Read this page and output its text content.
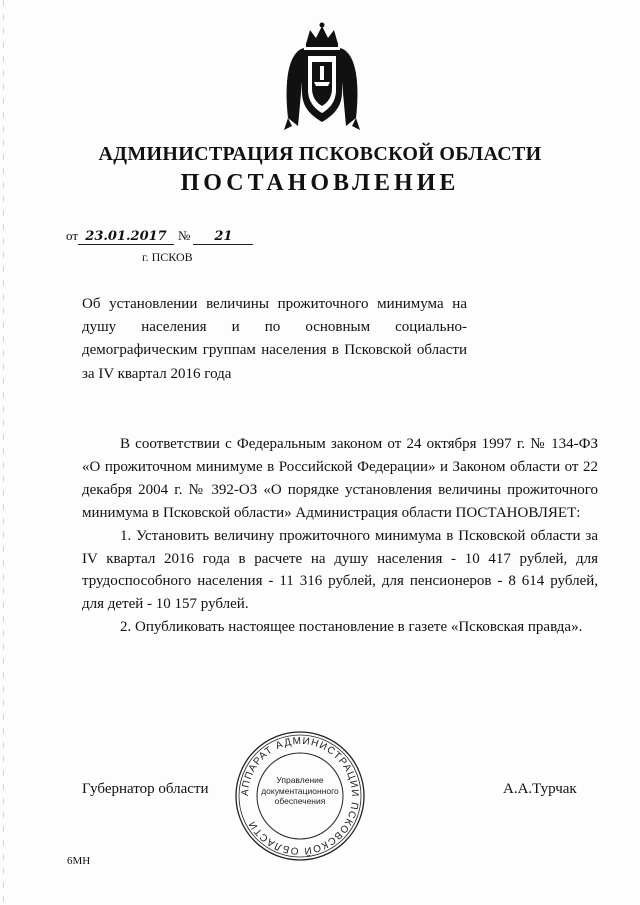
АДМИНИСТРАЦИЯ ПСКОВСКОЙ ОБЛАСТИ
ПОСТАНОВЛЕНИЕ
от 23.01.2017 № 21
г. ПСКОВ
Об установлении величины прожиточного минимума на душу населения и по основным социально-демографическим группам населения в Псковской области за IV квартал 2016 года

В соответствии с Федеральным законом от 24 октября 1997 г. № 134-ФЗ «О прожиточном минимуме в Российской Федерации» и Законом области от 22 декабря 2004 г. № 392-ОЗ «О порядке установления величины прожиточного минимума в Псковской области» Администрация области ПОСТАНОВЛЯЕТ:

1. Установить величину прожиточного минимума в Псковской области за IV квартал 2016 года в расчете на душу населения - 10 417 рублей, для трудоспособного населения - 11 316 рублей, для пенсионеров - 8 614 рублей, для детей - 10 157 рублей.

2. Опубликовать настоящее постановление в газете «Псковская правда».

Губернатор области	А.А.Турчак
АППАРАТ АДМИНИСТРАЦИИ ПСКОВСКОЙ ОБЛАСТИ
Управление
документационного
обеспечения
6МН
